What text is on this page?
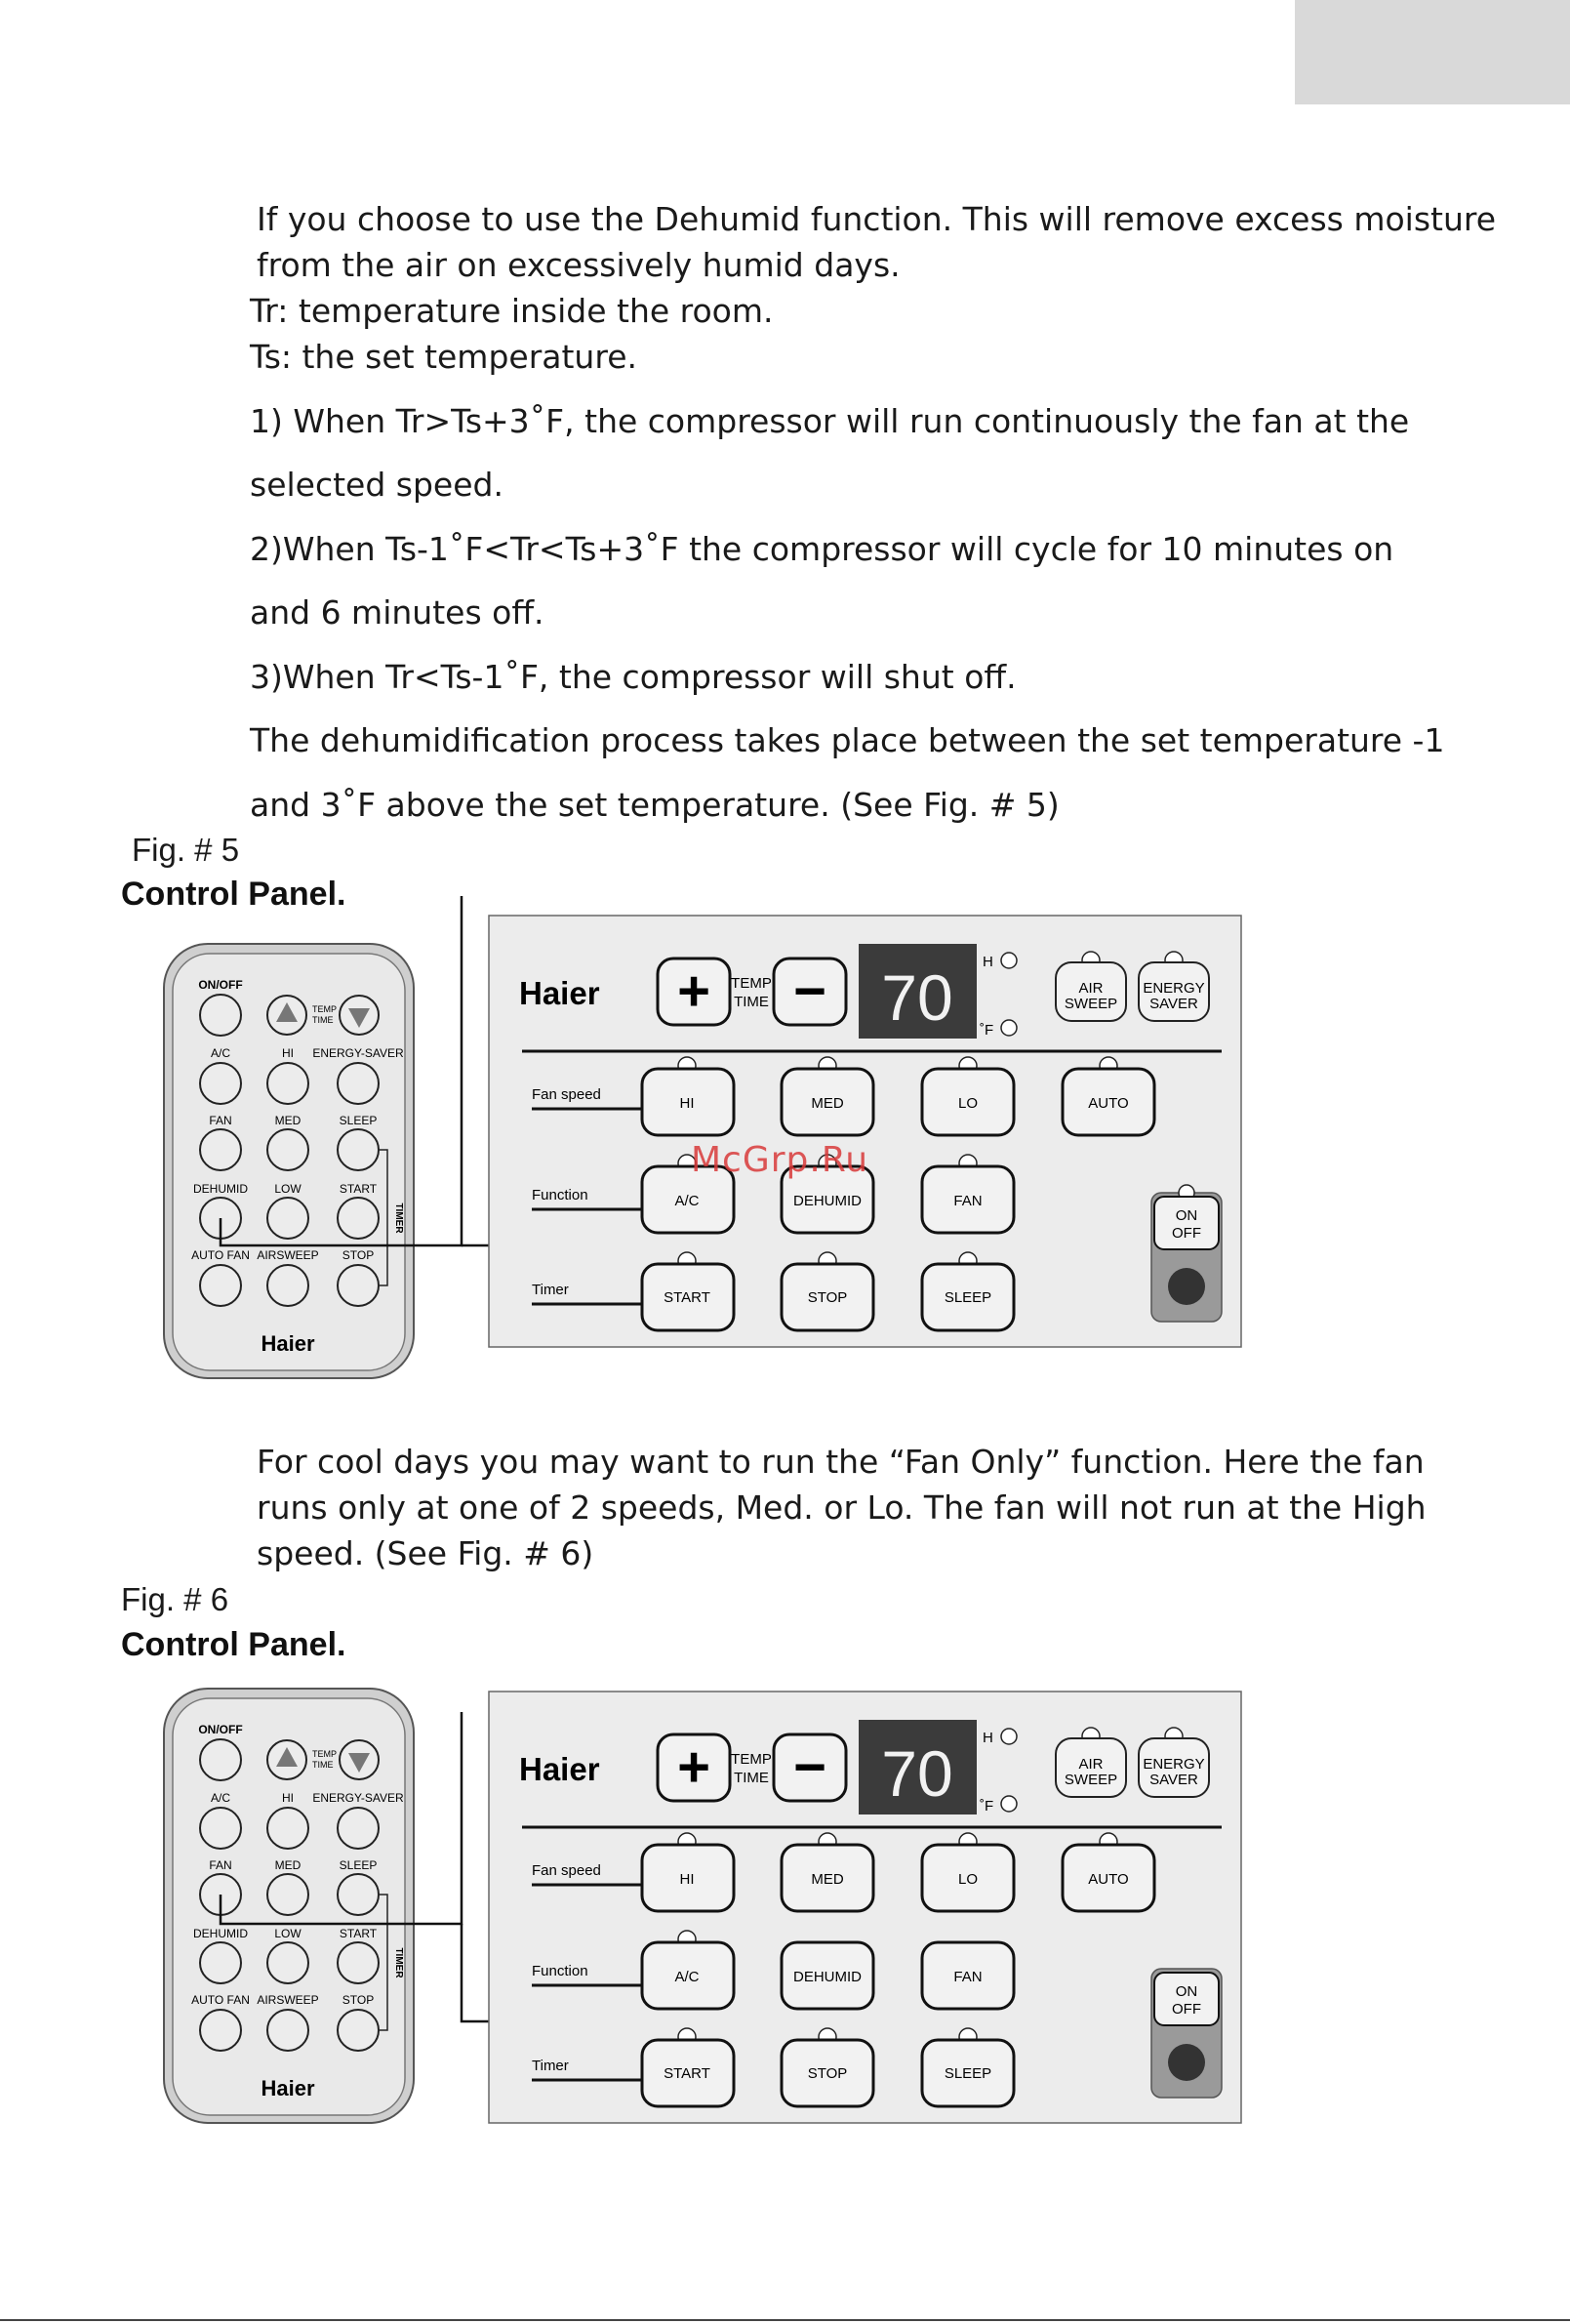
If you choose to use the Dehumid function. This will remove excess moisture
from the air on excessively humid days.
Tr: temperature inside the room.
Ts: the set temperature.
1) When Tr>Ts+3˚F, the compressor will run continuously the fan at the
selected speed.
2)When Ts-1˚F<Tr<Ts+3˚F the compressor will cycle for 10 minutes on
and 6 minutes off.
3)When Tr<Ts-1˚F, the compressor will shut off.
The dehumidification process takes place between the set temperature -1
and 3˚F above the set temperature. (See Fig. # 5)
Fig. # 5
Control Panel.
For cool days you may want to run the “Fan Only” function. Here the fan
runs only at one of 2 speeds, Med. or Lo. The fan will not run at the High
speed. (See Fig. # 6)
Fig. # 6
Control Panel.
ON/OFF
TEMP
TIME
A/C	HI ENERGY-SAVER
FAN	MED	SLEEP
DEHUMID LOW	START
AUTO FAN AIRSWEEP STOP
TIMER
Haier
Haier + TEMP
TIME − 70 H
˚F
AIR
SWEEP
ENERGY
SAVER
Fan speed
Function
Timer
HI	MED	LO	AUTO
A/C	DEHUMID	FAN
START	STOP	SLEEP
ON
OFF
ON/OFF
TEMP
TIME
A/C	HI ENERGY-SAVER
FAN	MED	SLEEP
DEHUMID LOW	START
AUTO FAN AIRSWEEP STOP
TIMER
Haier
Haier + TEMP
TIME − 70 H
˚F
AIR
SWEEP
ENERGY
SAVER
Fan speed
Function
Timer
HI	MED	LO	AUTO
A/C	DEHUMID	FAN
START	STOP	SLEEP
ON
OFF
McGrp.Ru
